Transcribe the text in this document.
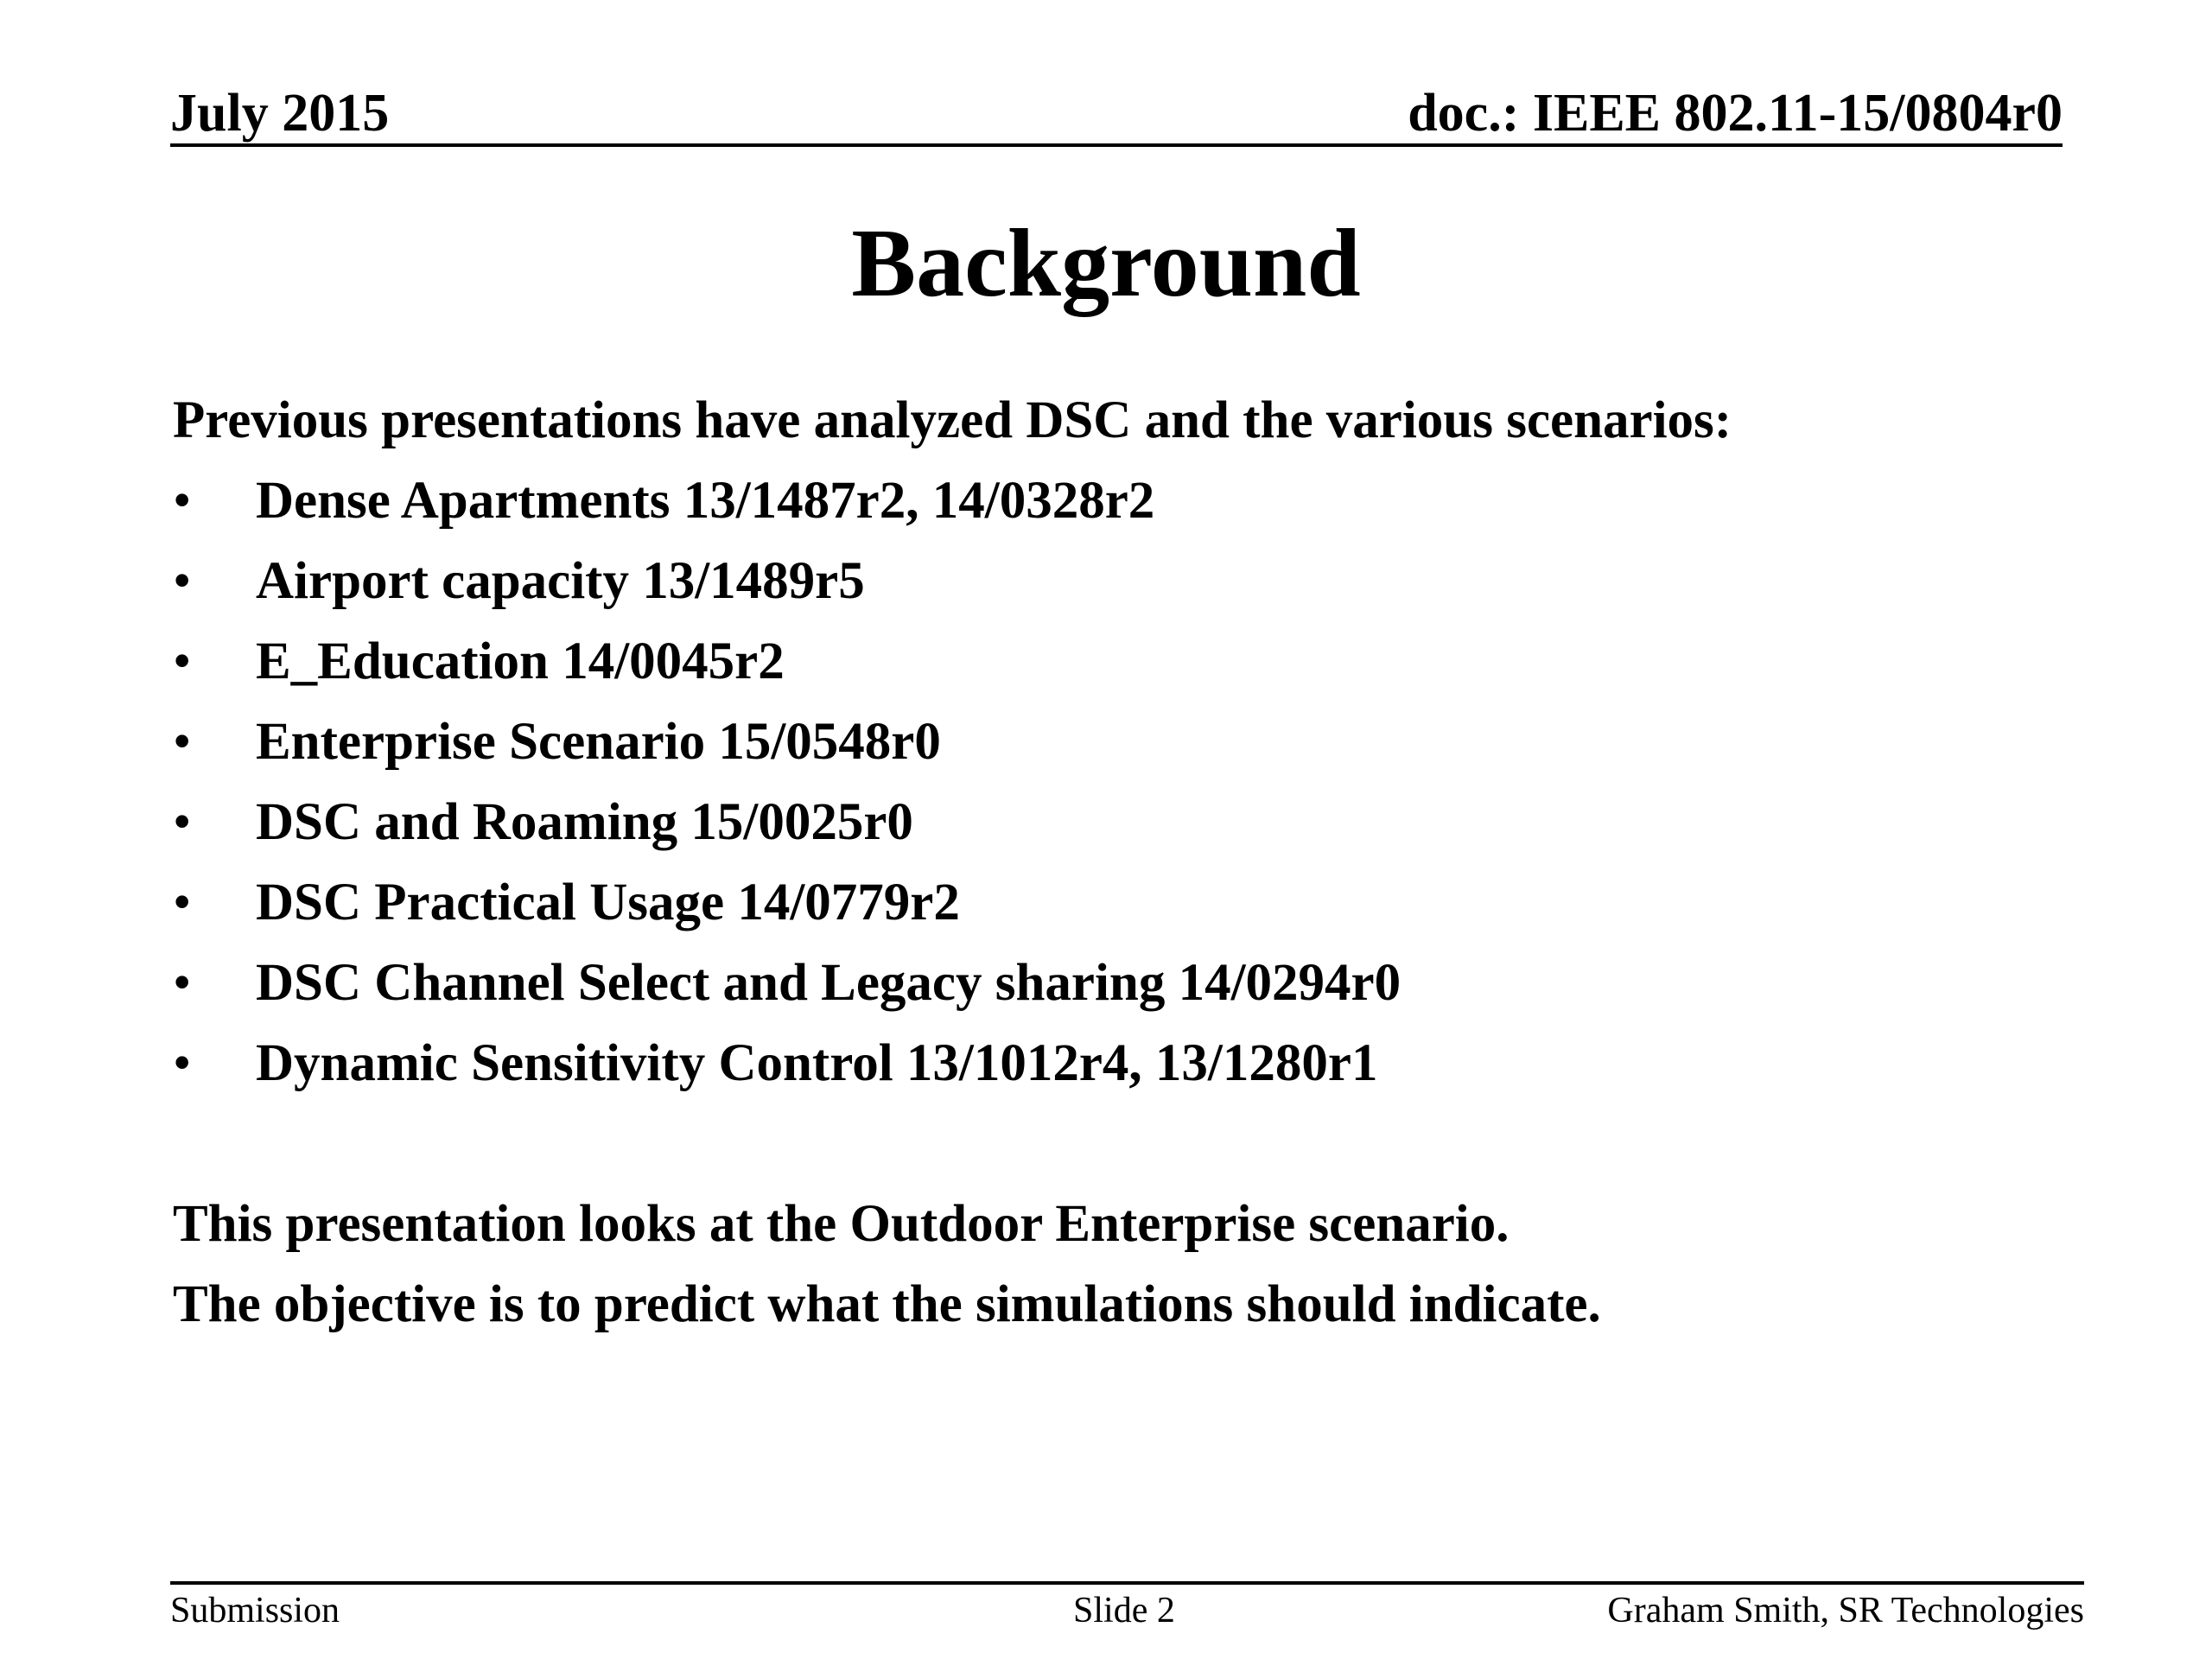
July 2015	doc.: IEEE 802.11-15/0804r0
Background
Previous presentations have analyzed DSC and the various scenarios:
• Dense Apartments 13/1487r2, 14/0328r2
• Airport capacity 13/1489r5
• E_Education 14/0045r2
• Enterprise Scenario 15/0548r0
• DSC and Roaming 15/0025r0
• DSC Practical Usage 14/0779r2
• DSC Channel Select and Legacy sharing 14/0294r0
• Dynamic Sensitivity Control 13/1012r4, 13/1280r1
This presentation looks at the Outdoor Enterprise scenario.
The objective is to predict what the simulations should indicate.
Submission	Slide 2	Graham Smith, SR Technologies
